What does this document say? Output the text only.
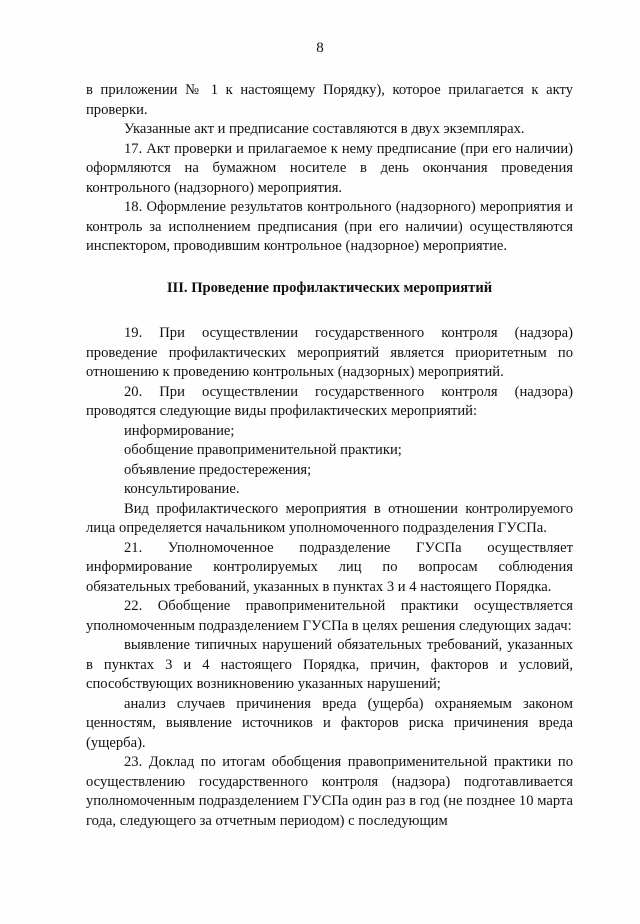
8

в приложении № 1 к настоящему Порядку), которое прилагается к акту проверки.

Указанные акт и предписание составляются в двух экземплярах.

17. Акт проверки и прилагаемое к нему предписание (при его наличии) оформляются на бумажном носителе в день окончания проведения контрольного (надзорного) мероприятия.

18. Оформление результатов контрольного (надзорного) мероприятия и контроль за исполнением предписания (при его наличии) осуществляются инспектором, проводившим контрольное (надзорное) мероприятие.

III. Проведение профилактических мероприятий

19. При осуществлении государственного контроля (надзора) проведение профилактических мероприятий является приоритетным по отношению к проведению контрольных (надзорных) мероприятий.

20. При осуществлении государственного контроля (надзора) проводятся следующие виды профилактических мероприятий:

информирование;

обобщение правоприменительной практики;

объявление предостережения;

консультирование.

Вид профилактического мероприятия в отношении контролируемого лица определяется начальником уполномоченного подразделения ГУСПа.

21. Уполномоченное подразделение ГУСПа осуществляет информирование контролируемых лиц по вопросам соблюдения обязательных требований, указанных в пунктах 3 и 4 настоящего Порядка.

22. Обобщение правоприменительной практики осуществляется уполномоченным подразделением ГУСПа в целях решения следующих задач:

выявление типичных нарушений обязательных требований, указанных в пунктах 3 и 4 настоящего Порядка, причин, факторов и условий, способствующих возникновению указанных нарушений;

анализ случаев причинения вреда (ущерба) охраняемым законом ценностям, выявление источников и факторов риска причинения вреда (ущерба).

23. Доклад по итогам обобщения правоприменительной практики по осуществлению государственного контроля (надзора) подготавливается уполномоченным подразделением ГУСПа один раз в год (не позднее 10 марта года, следующего за отчетным периодом) с последующим
